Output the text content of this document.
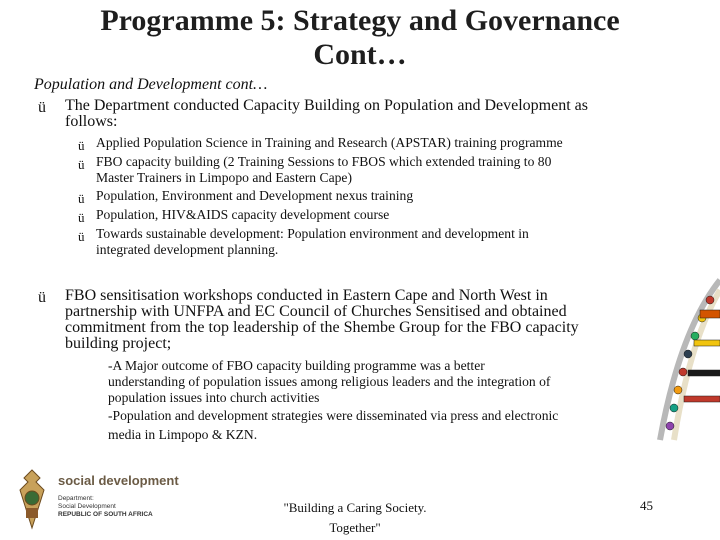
Programme 5: Strategy and Governance
Cont…
Population and Development cont…
ü The Department conducted Capacity Building on Population and Development as
follows:
ü Applied Population Science in Training and Research (APSTAR) training programme
ü FBO capacity building (2 Training Sessions to FBOS which extended training to 80
Master Trainers in Limpopo and Eastern Cape)
ü Population, Environment and Development nexus training
ü Population, HIV&AIDS capacity development course
ü Towards sustainable development: Population environment and development in
integrated development planning.
ü FBO sensitisation workshops conducted in Eastern Cape and North West in
partnership with UNFPA and EC Council of Churches Sensitised and obtained
commitment from the top leadership of the Shembe Group for the FBO capacity
building project;
-A Major outcome of FBO capacity building programme was a better
understanding of population issues among religious leaders and the integration of
population issues into church activities
-Population and development strategies were disseminated via press and electronic
media in Limpopo & KZN.
social development
Department:
Social Development
REPUBLIC OF SOUTH AFRICA	"Building a Caring Society.
Together"
45
